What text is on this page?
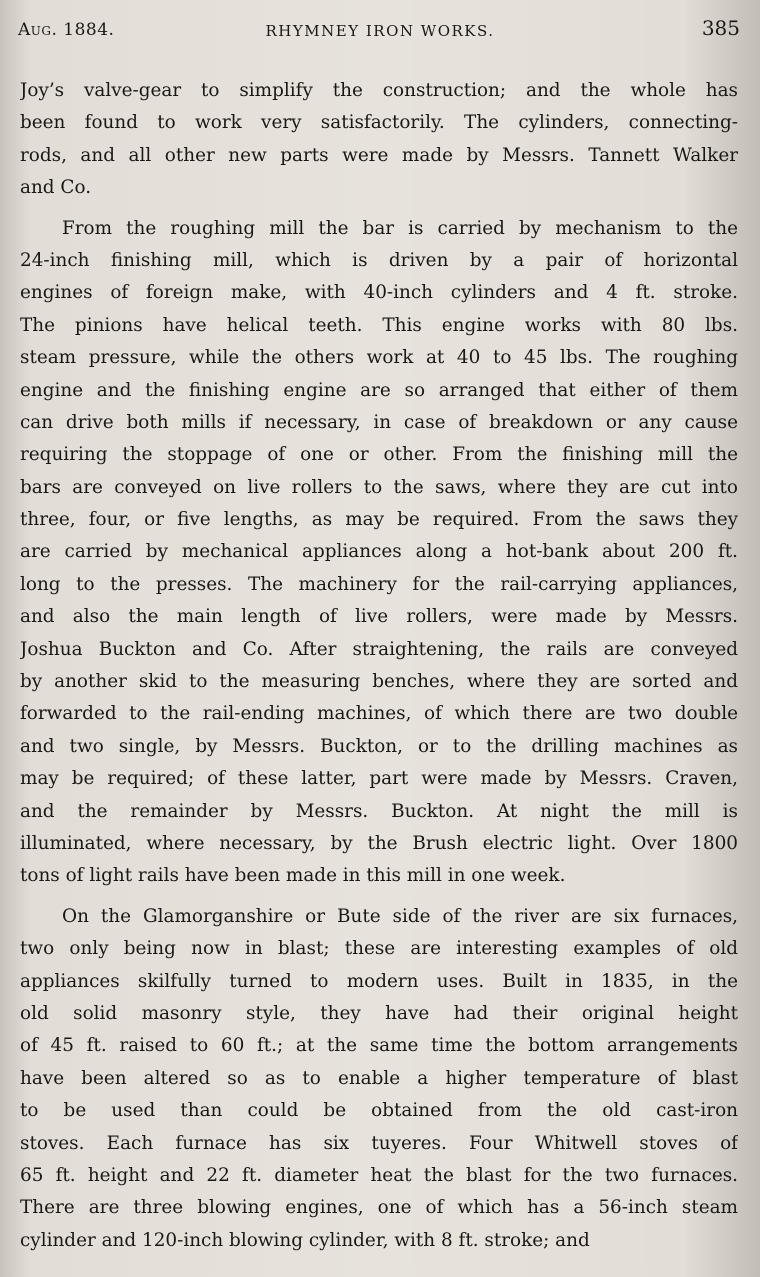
Aug. 1884.	RHYMNEY IRON WORKS.	385
Joy’s valve-gear to simplify the construction; and the whole has
been found to work very satisfactorily. The cylinders, connecting-
rods, and all other new parts were made by Messrs. Tannett Walker
and Co.
From the roughing mill the bar is carried by mechanism to the
24-inch finishing mill, which is driven by a pair of horizontal
engines of foreign make, with 40-inch cylinders and 4 ft. stroke.
The pinions have helical teeth. This engine works with 80 lbs.
steam pressure, while the others work at 40 to 45 lbs. The roughing
engine and the finishing engine are so arranged that either of them
can drive both mills if necessary, in case of breakdown or any cause
requiring the stoppage of one or other. From the finishing mill the
bars are conveyed on live rollers to the saws, where they are cut into
three, four, or five lengths, as may be required. From the saws they
are carried by mechanical appliances along a hot-bank about 200 ft.
long to the presses. The machinery for the rail-carrying appliances,
and also the main length of live rollers, were made by Messrs.
Joshua Buckton and Co. After straightening, the rails are conveyed
by another skid to the measuring benches, where they are sorted and
forwarded to the rail-ending machines, of which there are two double
and two single, by Messrs. Buckton, or to the drilling machines as
may be required; of these latter, part were made by Messrs. Craven,
and the remainder by Messrs. Buckton. At night the mill is
illuminated, where necessary, by the Brush electric light. Over 1800
tons of light rails have been made in this mill in one week.
On the Glamorganshire or Bute side of the river are six furnaces,
two only being now in blast; these are interesting examples of old
appliances skilfully turned to modern uses. Built in 1835, in the
old solid masonry style, they have had their original height
of 45 ft. raised to 60 ft.; at the same time the bottom arrangements
have been altered so as to enable a higher temperature of blast
to be used than could be obtained from the old cast-iron
stoves. Each furnace has six tuyeres. Four Whitwell stoves of
65 ft. height and 22 ft. diameter heat the blast for the two furnaces.
There are three blowing engines, one of which has a 56-inch steam
cylinder and 120-inch blowing cylinder, with 8 ft. stroke; and
